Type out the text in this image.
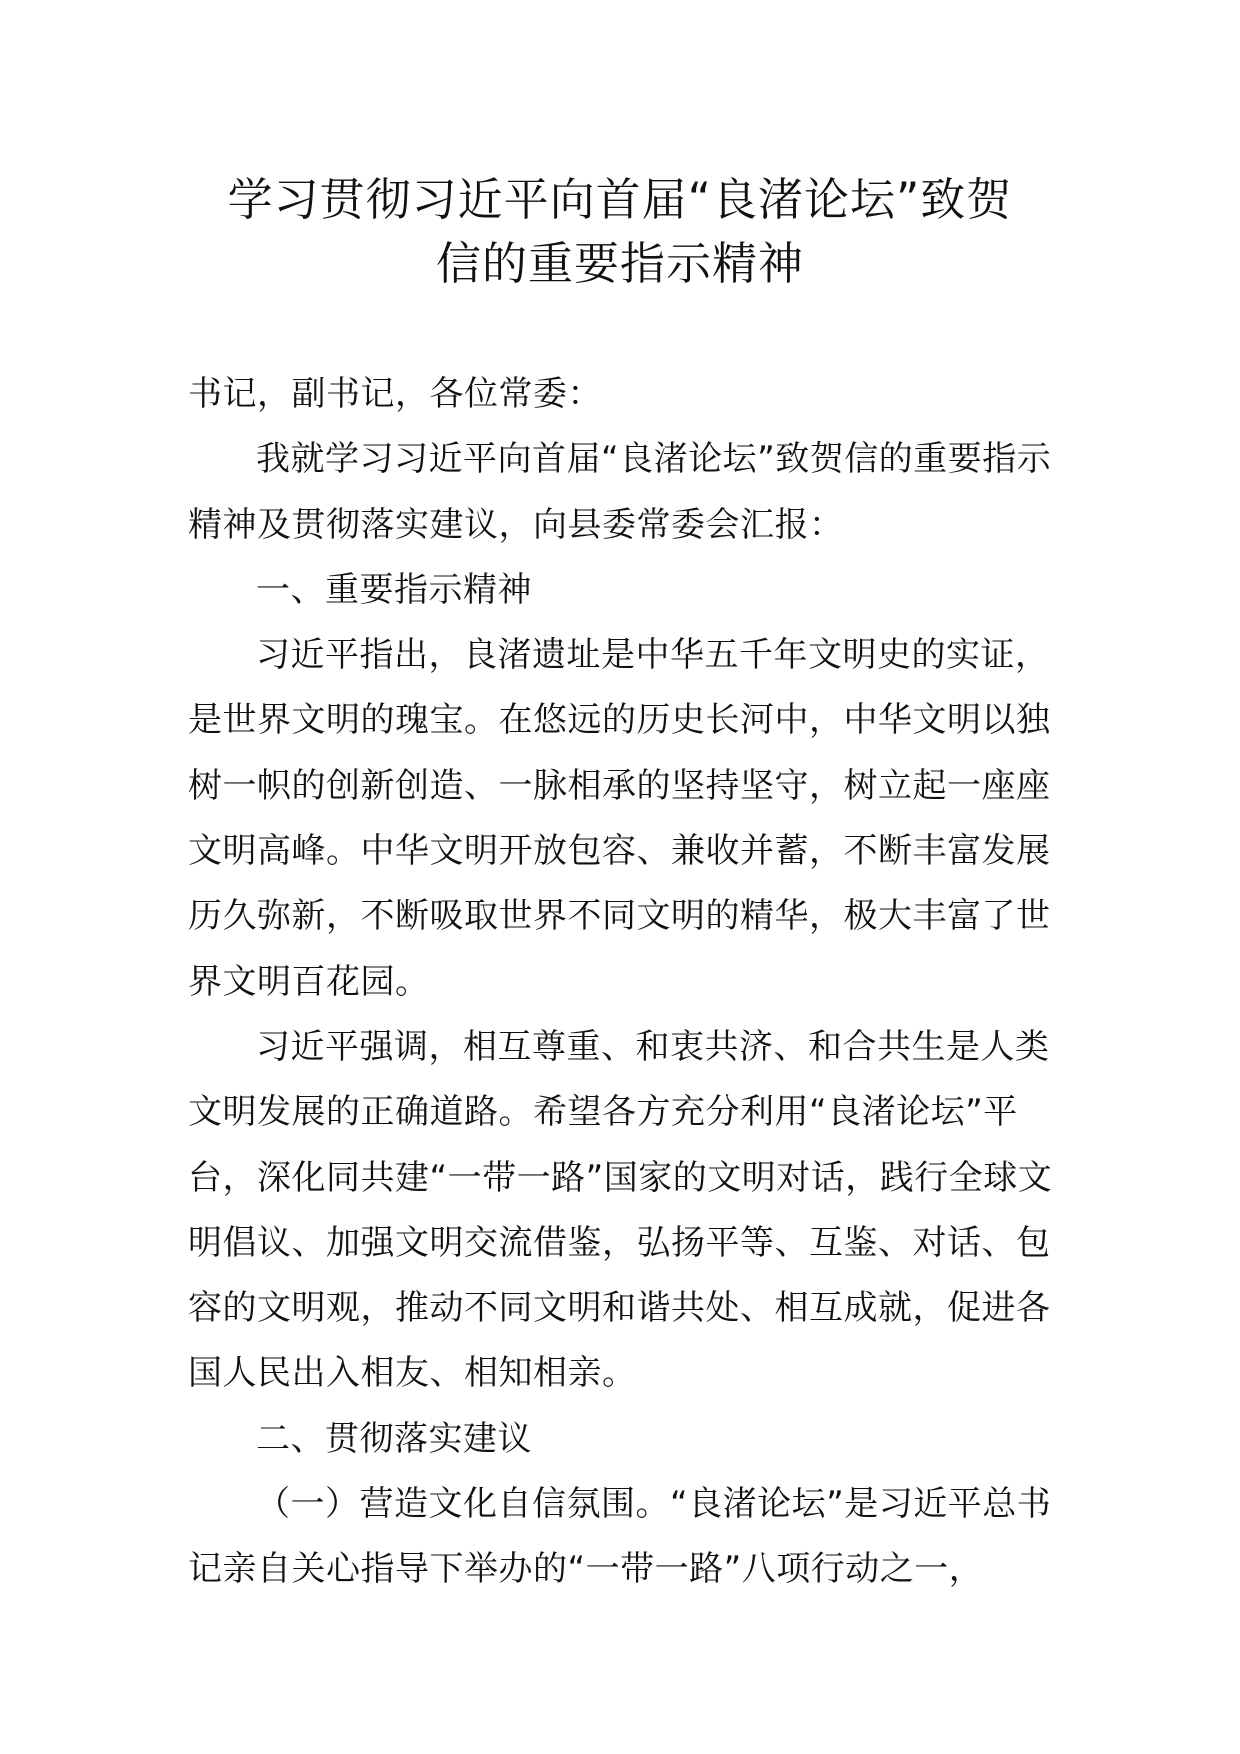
学习贯彻习近平向首届“良渚论坛”致贺
信的重要指示精神

书记，副书记，各位常委：

我就学习习近平向首届“良渚论坛”致贺信的重要指示精神及贯彻落实建议，向县委常委会汇报：

一、重要指示精神

习近平指出，良渚遗址是中华五千年文明史的实证，是世界文明的瑰宝。在悠远的历史长河中，中华文明以独树一帜的创新创造、一脉相承的坚持坚守，树立起一座座文明高峰。中华文明开放包容、兼收并蓄，不断丰富发展历久弥新，不断吸取世界不同文明的精华，极大丰富了世界文明百花园。

习近平强调，相互尊重、和衷共济、和合共生是人类文明发展的正确道路。希望各方充分利用“良渚论坛”平台，深化同共建“一带一路”国家的文明对话，践行全球文明倡议、加强文明交流借鉴，弘扬平等、互鉴、对话、包容的文明观，推动不同文明和谐共处、相互成就，促进各国人民出入相友、相知相亲。

二、贯彻落实建议

（一）营造文化自信氛围。“良渚论坛”是习近平总书记亲自关心指导下举办的“一带一路”八项行动之一，
